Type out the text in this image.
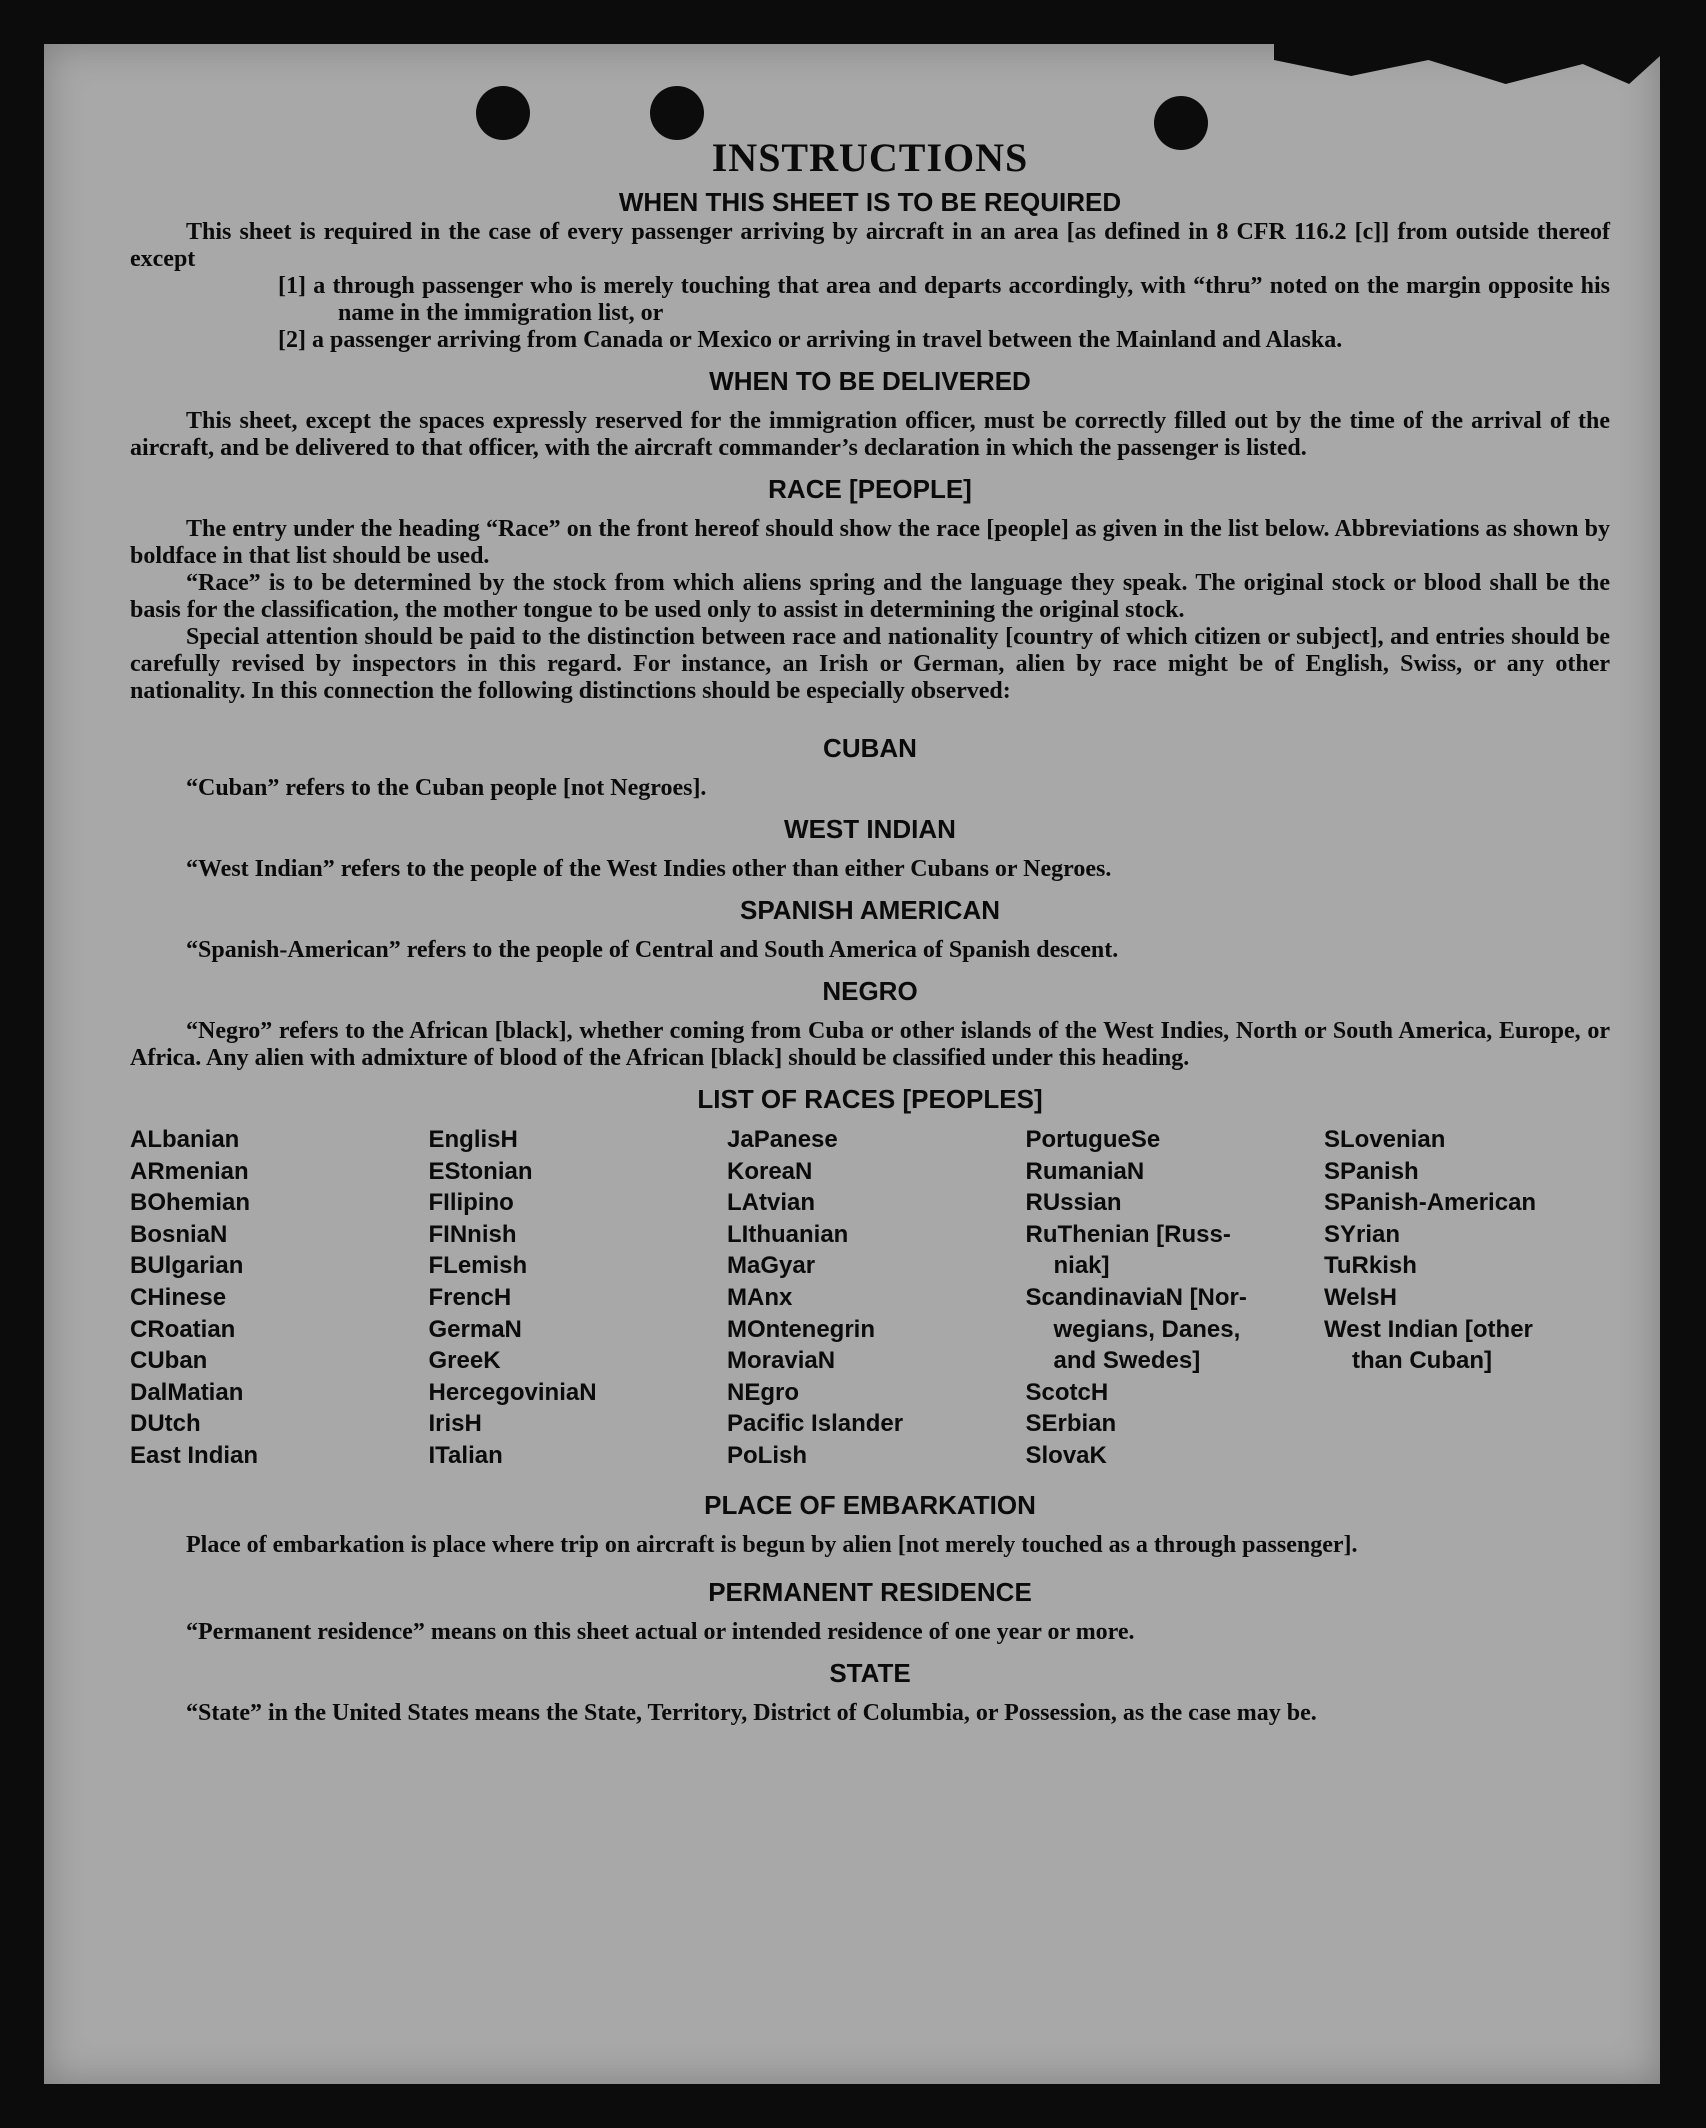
INSTRUCTIONS
WHEN THIS SHEET IS TO BE REQUIRED

This sheet is required in the case of every passenger arriving by aircraft in an area [as defined in 8 CFR 116.2 [c]] from outside thereof except

[1] a through passenger who is merely touching that area and departs accordingly, with “thru” noted on the margin opposite his name in the immigration list, or

[2] a passenger arriving from Canada or Mexico or arriving in travel between the Mainland and Alaska.

WHEN TO BE DELIVERED

This sheet, except the spaces expressly reserved for the immigration officer, must be correctly filled out by the time of the arrival of the aircraft, and be delivered to that officer, with the aircraft commander’s declaration in which the passenger is listed.

RACE [PEOPLE]

The entry under the heading “Race” on the front hereof should show the race [people] as given in the list below. Abbreviations as shown by boldface in that list should be used.

“Race” is to be determined by the stock from which aliens spring and the language they speak. The original stock or blood shall be the basis for the classification, the mother tongue to be used only to assist in determining the original stock.

Special attention should be paid to the distinction between race and nationality [country of which citizen or subject], and entries should be carefully revised by inspectors in this regard. For instance, an Irish or German, alien by race might be of English, Swiss, or any other nationality. In this connection the following distinctions should be especially observed:

CUBAN

“Cuban” refers to the Cuban people [not Negroes].

WEST INDIAN

“West Indian” refers to the people of the West Indies other than either Cubans or Negroes.

SPANISH AMERICAN

“Spanish-American” refers to the people of Central and South America of Spanish descent.

NEGRO

“Negro” refers to the African [black], whether coming from Cuba or other islands of the West Indies, North or South America, Europe, or Africa. Any alien with admixture of blood of the African [black] should be classified under this heading.

LIST OF RACES [PEOPLES]
ALbanian
ARmenian
BOhemian
BosniaN
BUlgarian
CHinese
CRoatian
CUban
DalMatian
DUtch
East Indian
EnglisH
EStonian
FIlipino
FINnish
FLemish
FrencH
GermaN
GreeK
HercegoviniaN
IrisH
ITalian
JaPanese
KoreaN
LAtvian
LIthuanian
MaGyar
MAnx
MOntenegrin
MoraviaN
NEgro
Pacific Islander
PoLish
PortugueSe
RumaniaN
RUssian
RuThenian [Russ-
niak]
ScandinaviaN [Nor-
wegians, Danes,
and Swedes]
ScotcH
SErbian
SlovaK
SLovenian
SPanish
SPanish-American
SYrian
TuRkish
WelsH
West Indian [other
than Cuban]
PLACE OF EMBARKATION

Place of embarkation is place where trip on aircraft is begun by alien [not merely touched as a through passenger].

PERMANENT RESIDENCE

“Permanent residence” means on this sheet actual or intended residence of one year or more.

STATE

“State” in the United States means the State, Territory, District of Columbia, or Possession, as the case may be.
